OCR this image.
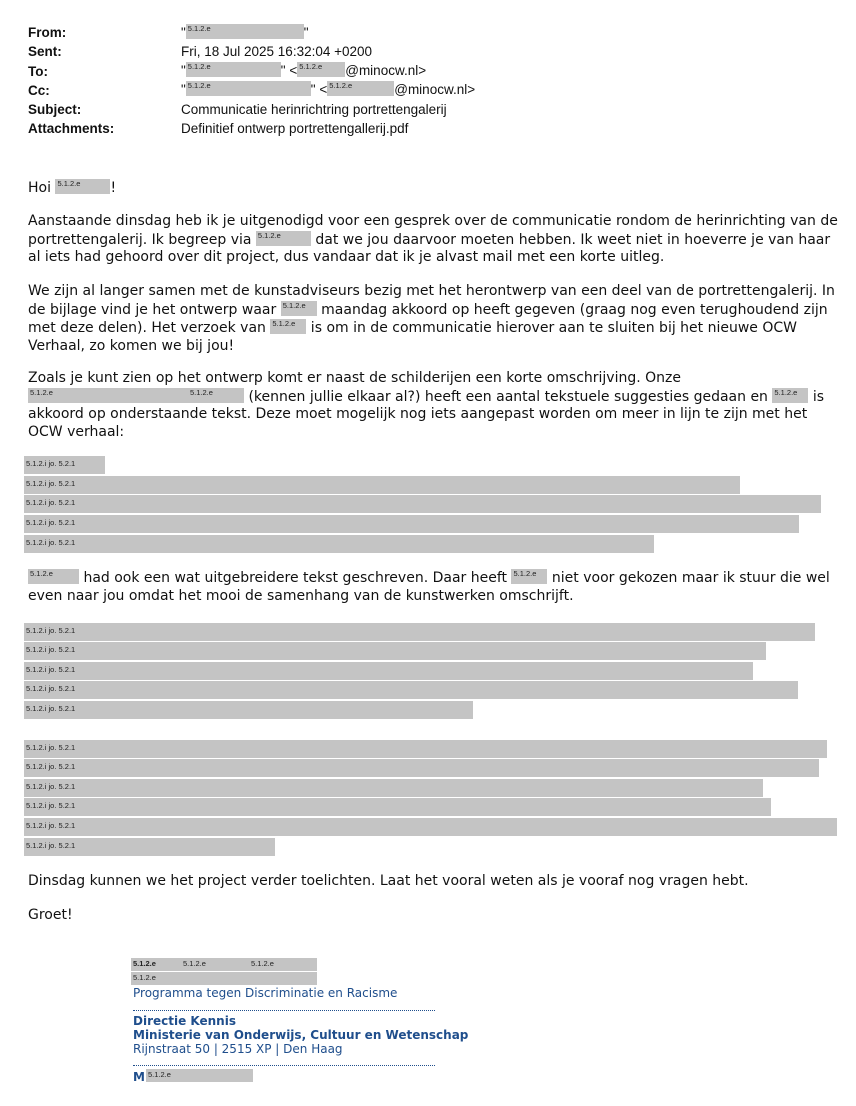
From:	" 5.1.2.e	"
Sent:	Fri, 18 Jul 2025 16:32:04 +0200
To:	" 5.1.2.e	" < 5.1.2.e @minocw.nl>
Cc:	" 5.1.2.e	" < 5.1.2.e	@minocw.nl>
Subject:	Communicatie herinrichtring portrettengalerij
Attachments:	Definitief ontwerp portrettengallerij.pdf
Hoi 5.1.2.e !
Aanstaande dinsdag heb ik je uitgenodigd voor een gesprek over de communicatie rondom de herinrichting van de portrettengalerij. Ik begreep via 5.1.2.e dat we jou daarvoor moeten hebben. Ik weet niet in hoeverre je van haar al iets had gehoord over dit project, dus vandaar dat ik je alvast mail met een korte uitleg.
We zijn al langer samen met de kunstadviseurs bezig met het herontwerp van een deel van de portrettengalerij. In de bijlage vind je het ontwerp waar 5.1.2.e maandag akkoord op heeft gegeven (graag nog even terughoudend zijn met deze delen). Het verzoek van 5.1.2.e is om in de communicatie hierover aan te sluiten bij het nieuwe OCW Verhaal, zo komen we bij jou!
Zoals je kunt zien op het ontwerp komt er naast de schilderijen een korte omschrijving. Onze

5.1.2.e	5.1.2.e (kennen jullie elkaar al?) heeft een aantal tekstuele suggesties gedaan en 5.1.2.e is akkoord op onderstaande tekst. Deze moet mogelijk nog iets aangepast worden om meer in lijn te zijn met het OCW verhaal:
5.1.2.i jo. 5.2.1
5.1.2.i jo. 5.2.1
5.1.2.i jo. 5.2.1
5.1.2.i jo. 5.2.1
5.1.2.i jo. 5.2.1
5.1.2.e had ook een wat uitgebreidere tekst geschreven. Daar heeft 5.1.2.e niet voor gekozen maar ik stuur die wel even naar jou omdat het mooi de samenhang van de kunstwerken omschrijft.
5.1.2.i jo. 5.2.1
5.1.2.i jo. 5.2.1
5.1.2.i jo. 5.2.1
5.1.2.i jo. 5.2.1
5.1.2.i jo. 5.2.1
5.1.2.i jo. 5.2.1
5.1.2.i jo. 5.2.1
5.1.2.i jo. 5.2.1
5.1.2.i jo. 5.2.1
5.1.2.i jo. 5.2.1
5.1.2.i jo. 5.2.1
Dinsdag kunnen we het project verder toelichten. Laat het vooral weten als je vooraf nog vragen hebt.
Groet!
5.1.2.e	5.1.2.e	5.1.2.e
5.1.2.e
Programma tegen Discriminatie en Racisme
Directie Kennis
Ministerie van Onderwijs, Cultuur en Wetenschap
Rijnstraat 50 | 2515 XP | Den Haag
M 5.1.2.e
